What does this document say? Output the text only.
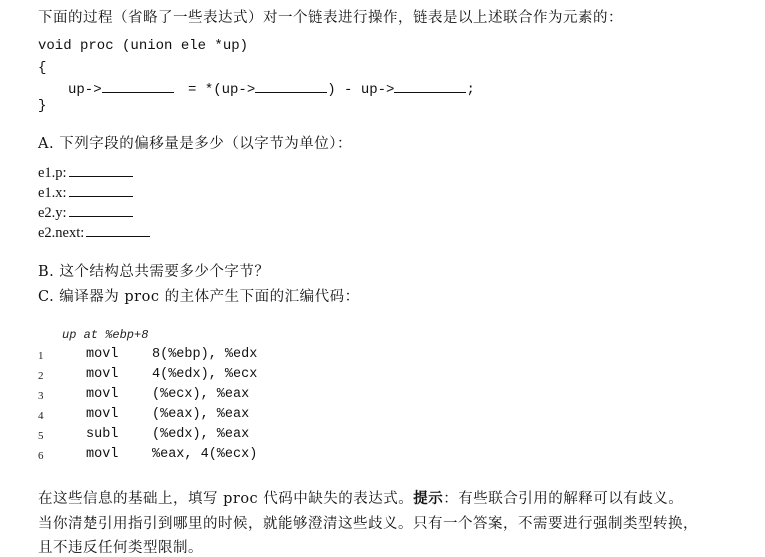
下面的过程（省略了一些表达式）对一个链表进行操作，链表是以上述联合作为元素的：
void proc (union ele *up)
{
up->	= *(up->	) - up->	;
}
A. 下列字段的偏移量是多少（以字节为单位）：
e1.p:
e1.x:
e2.y:
e2.next:
B. 这个结构总共需要多少个字节？
C. 编译器为 proc 的主体产生下面的汇编代码：
up at %ebp+8
1	movl 8(%ebp), %edx
2	movl 4(%edx), %ecx
3	movl (%ecx), %eax
4	movl (%eax), %eax
5	subl (%edx), %eax
6	movl %eax, 4(%ecx)
在这些信息的基础上，填写 proc 代码中缺失的表达式。提示：有些联合引用的解释可以有歧义。
当你清楚引用指引到哪里的时候，就能够澄清这些歧义。只有一个答案，不需要进行强制类型转换，
且不违反任何类型限制。
